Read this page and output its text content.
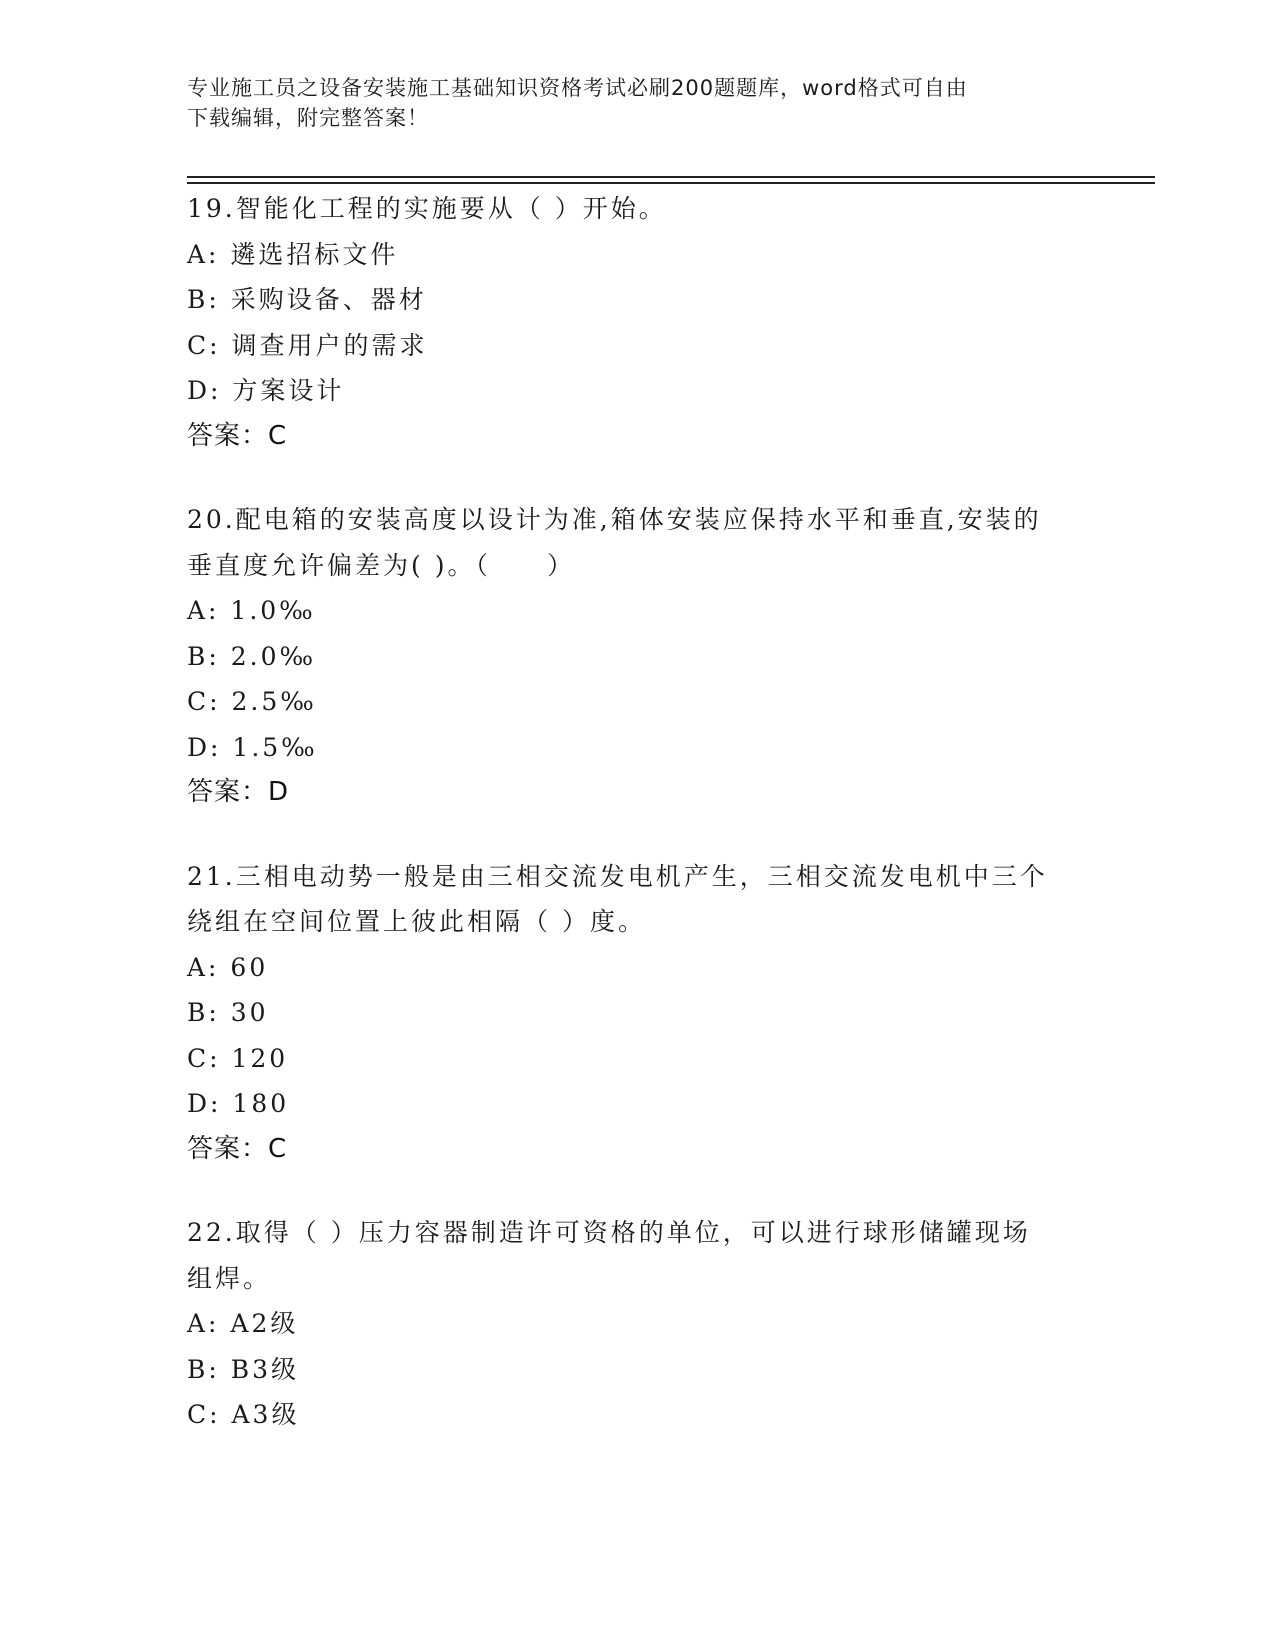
专业施工员之设备安装施工基础知识资格考试必刷200题题库，word格式可自由
下载编辑，附完整答案！
19.智能化工程的实施要从（ ）开始。
A: 遴选招标文件
B: 采购设备、器材
C: 调查用户的需求
D: 方案设计
答案：C
20.配电箱的安装高度以设计为准,箱体安装应保持水平和垂直,安装的
垂直度允许偏差为( )。（　　）
A: 1.0‰
B: 2.0‰
C: 2.5‰
D: 1.5‰
答案：D
21.三相电动势一般是由三相交流发电机产生，三相交流发电机中三个
绕组在空间位置上彼此相隔（ ）度。
A: 60
B: 30
C: 120
D: 180
答案：C
22.取得（ ）压力容器制造许可资格的单位，可以进行球形储罐现场
组焊。
A: A2级
B: B3级
C: A3级
